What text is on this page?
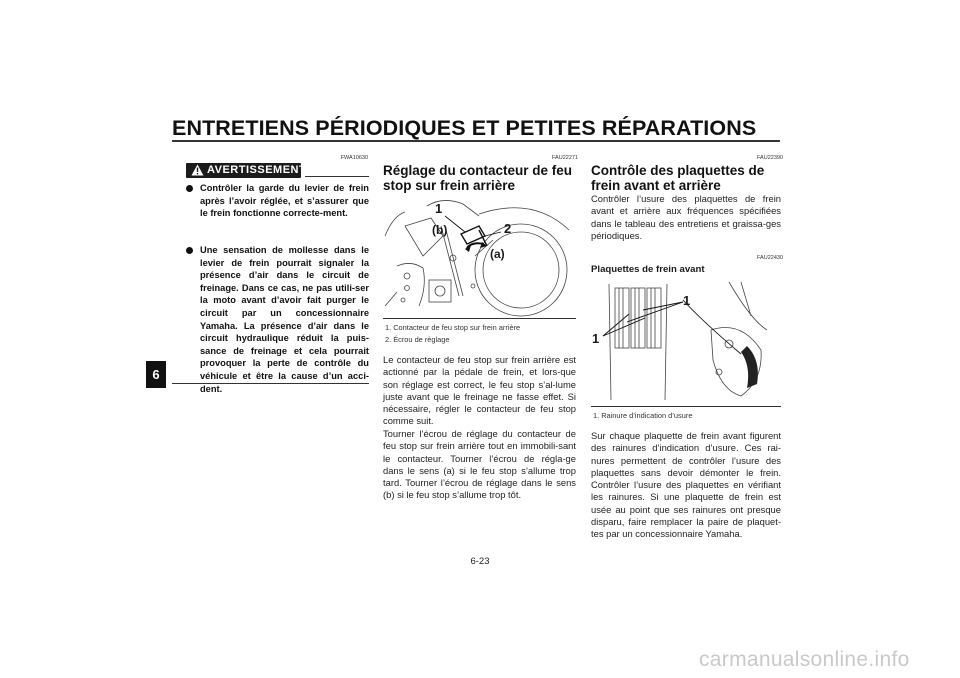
ENTRETIENS PÉRIODIQUES ET PETITES RÉPARATIONS
6
FWA10630
AVERTISSEMENT
Contrôler la garde du levier de frein après l’avoir réglée, et s’assurer que le frein fonctionne correcte-ment.
Une sensation de mollesse dans le levier de frein pourrait signaler la présence d’air dans le circuit de freinage. Dans ce cas, ne pas utili-ser la moto avant d’avoir fait purger le circuit par un concessionnaire Yamaha. La présence d’air dans le circuit hydraulique réduit la puis-sance de freinage et cela pourrait provoquer la perte de contrôle du véhicule et être la cause d’un acci-dent.
FAU22271
Réglage du contacteur de feu stop sur frein arrière
1
2
(b)
(a)
1. Contacteur de feu stop sur frein arrière
2. Écrou de réglage
Le contacteur de feu stop sur frein arrière est actionné par la pédale de frein, et lors-que son réglage est correct, le feu stop s’al-lume juste avant que le freinage ne fasse effet. Si nécessaire, régler le contacteur de feu stop comme suit.
Tourner l’écrou de réglage du contacteur de feu stop sur frein arrière tout en immobili-sant le contacteur. Tourner l’écrou de régla-ge dans le sens (a) si le feu stop s’allume trop tard. Tourner l’écrou de réglage dans le sens (b) si le feu stop s’allume trop tôt.
FAU22390
Contrôle des plaquettes de frein avant et arrière
Contrôler l’usure des plaquettes de frein avant et arrière aux fréquences spécifiées dans le tableau des entretiens et graissa-ges périodiques.
FAU22430
Plaquettes de frein avant
1
1
1. Rainure d’indication d’usure
Sur chaque plaquette de frein avant figurent des rainures d’indication d’usure. Ces rai-nures permettent de contrôler l’usure des plaquettes sans devoir démonter le frein. Contrôler l’usure des plaquettes en vérifiant les rainures. Si une plaquette de frein est usée au point que ses rainures ont presque disparu, faire remplacer la paire de plaquet-tes par un concessionnaire Yamaha.
6-23
carmanualsonline.info
